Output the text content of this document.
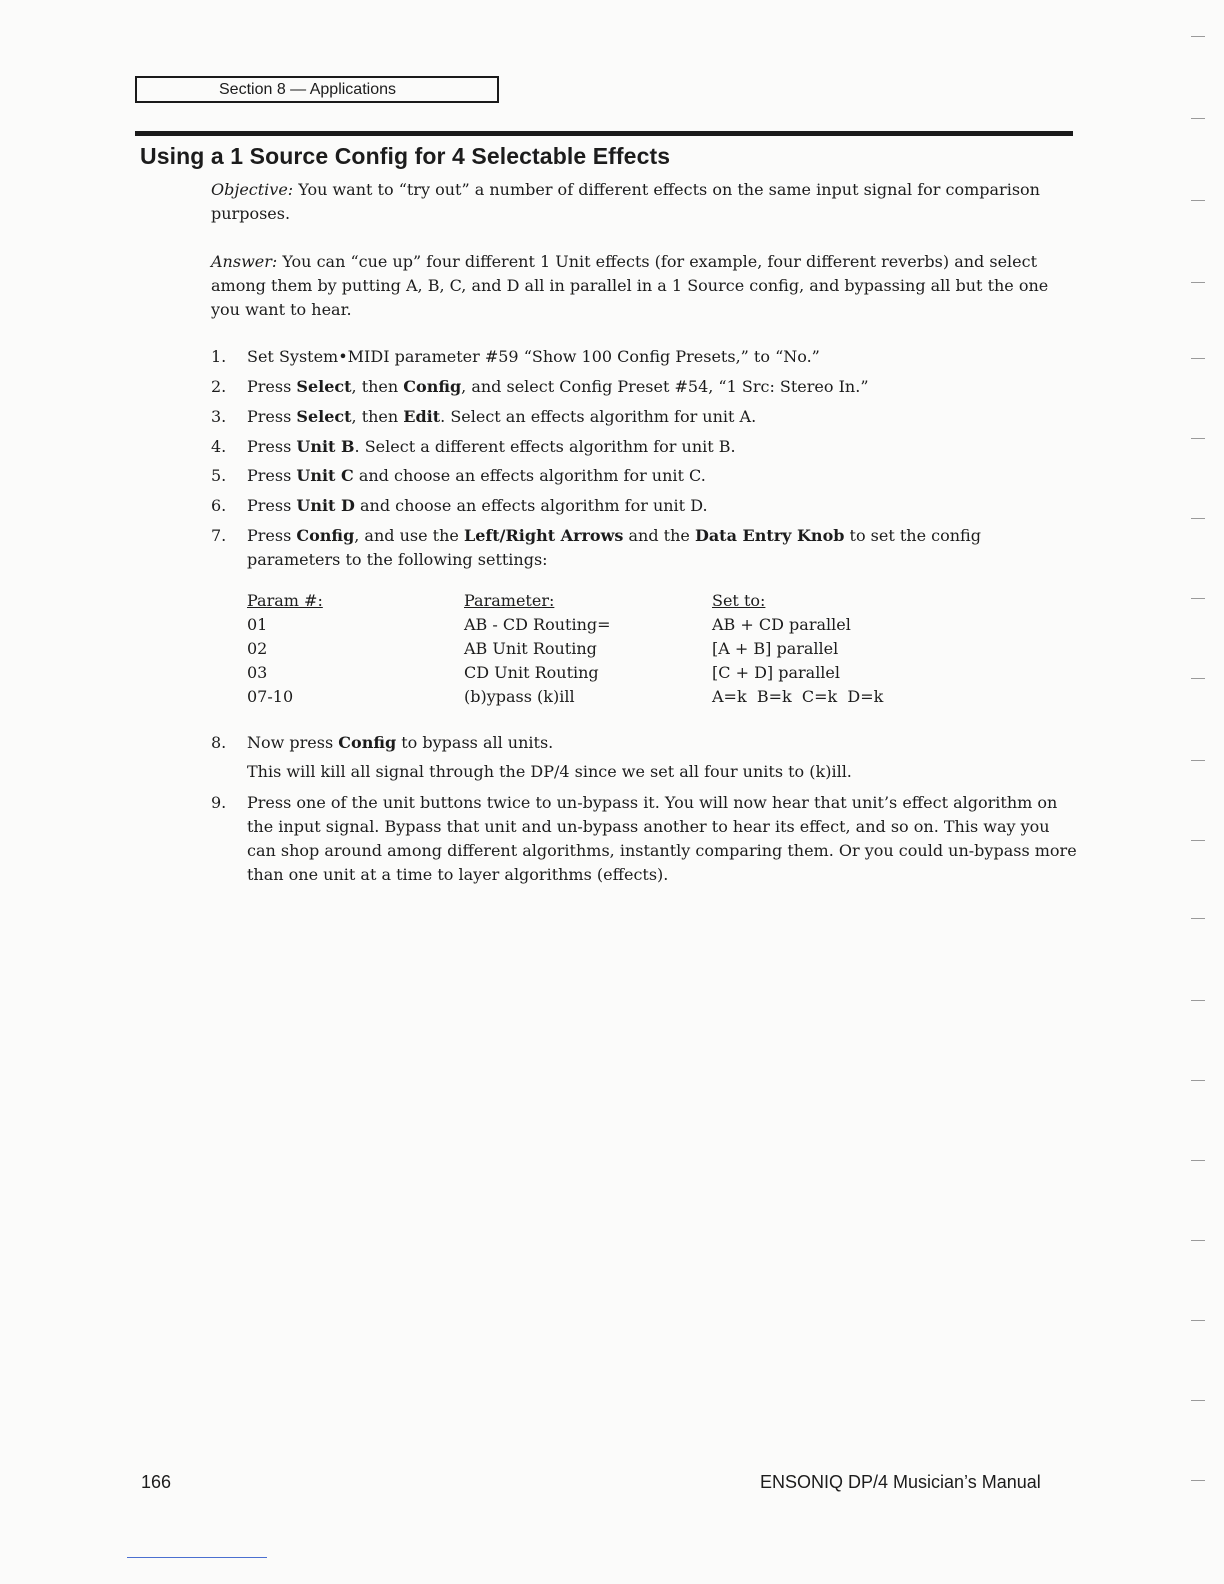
Section 8 — Applications
Using a 1 Source Config for 4 Selectable Effects
Objective: You want to “try out” a number of different effects on the same input signal for comparison purposes.
Answer: You can “cue up” four different 1 Unit effects (for example, four different reverbs) and select among them by putting A, B, C, and D all in parallel in a 1 Source config, and bypassing all but the one you want to hear.
1.	Set System•MIDI parameter #59 “Show 100 Config Presets,” to “No.”
2.	Press Select, then Config, and select Config Preset #54, “1 Src: Stereo In.”
3.	Press Select, then Edit. Select an effects algorithm for unit A.
4.	Press Unit B. Select a different effects algorithm for unit B.
5.	Press Unit C and choose an effects algorithm for unit C.
6.	Press Unit D and choose an effects algorithm for unit D.
7.	Press Config, and use the Left/Right Arrows and the Data Entry Knob to set the config parameters to the following settings:
Param #:	Parameter:	Set to:
01	AB - CD Routing=	AB + CD parallel
02	AB Unit Routing	[A + B] parallel
03	CD Unit Routing	[C + D] parallel
07-10	(b)ypass (k)ill	A=k  B=k  C=k  D=k
8.	Now press Config to bypass all units.
This will kill all signal through the DP/4 since we set all four units to (k)ill.
9.	Press one of the unit buttons twice to un-bypass it. You will now hear that unit’s effect algorithm on the input signal. Bypass that unit and un-bypass another to hear its effect, and so on. This way you can shop around among different algorithms, instantly comparing them. Or you could un-bypass more than one unit at a time to layer algorithms (effects).
166	ENSONIQ DP/4 Musician’s Manual
